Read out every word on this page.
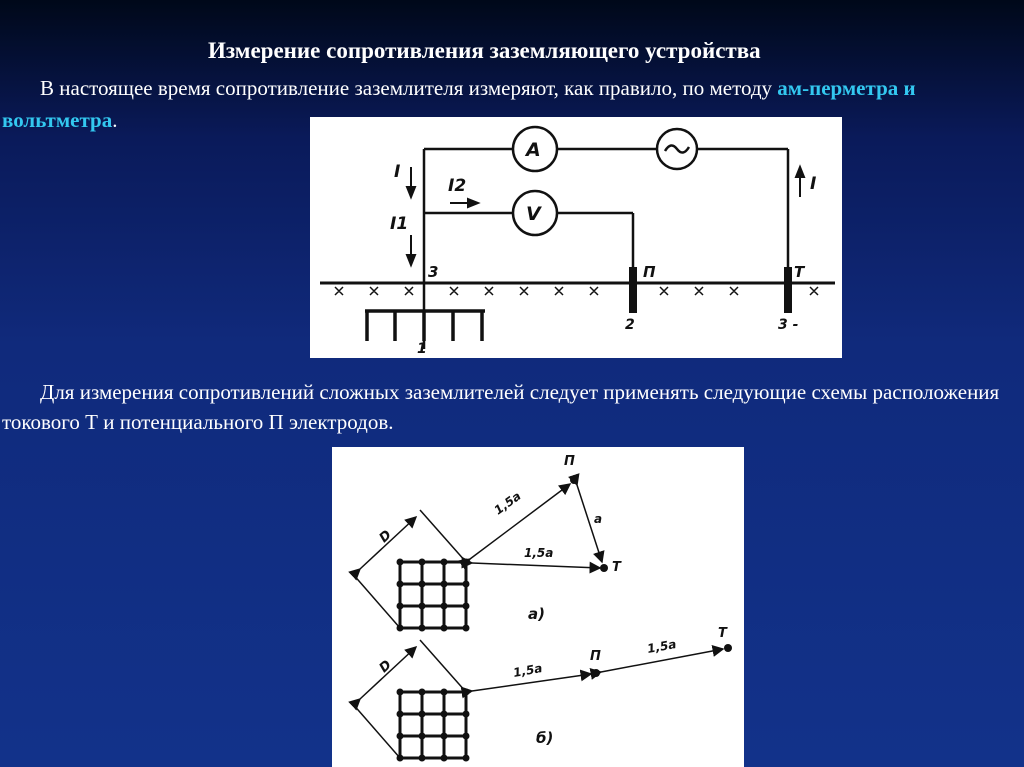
Измерение сопротивления заземляющего устройства
В настоящее время сопротивление заземлителя измеряют, как правило, по методу ам-перметра и вольтметра.
A
V
I
I2
I1
I
3	П	Т
1
2	3 -
Для измерения сопротивлений сложных заземлителей следует применять следующие схемы расположения токового Т и потенциального П электродов.
П
Т
1,5a
1,5a
a
D
а)
П
Т
1,5a
1,5a
D
б)
